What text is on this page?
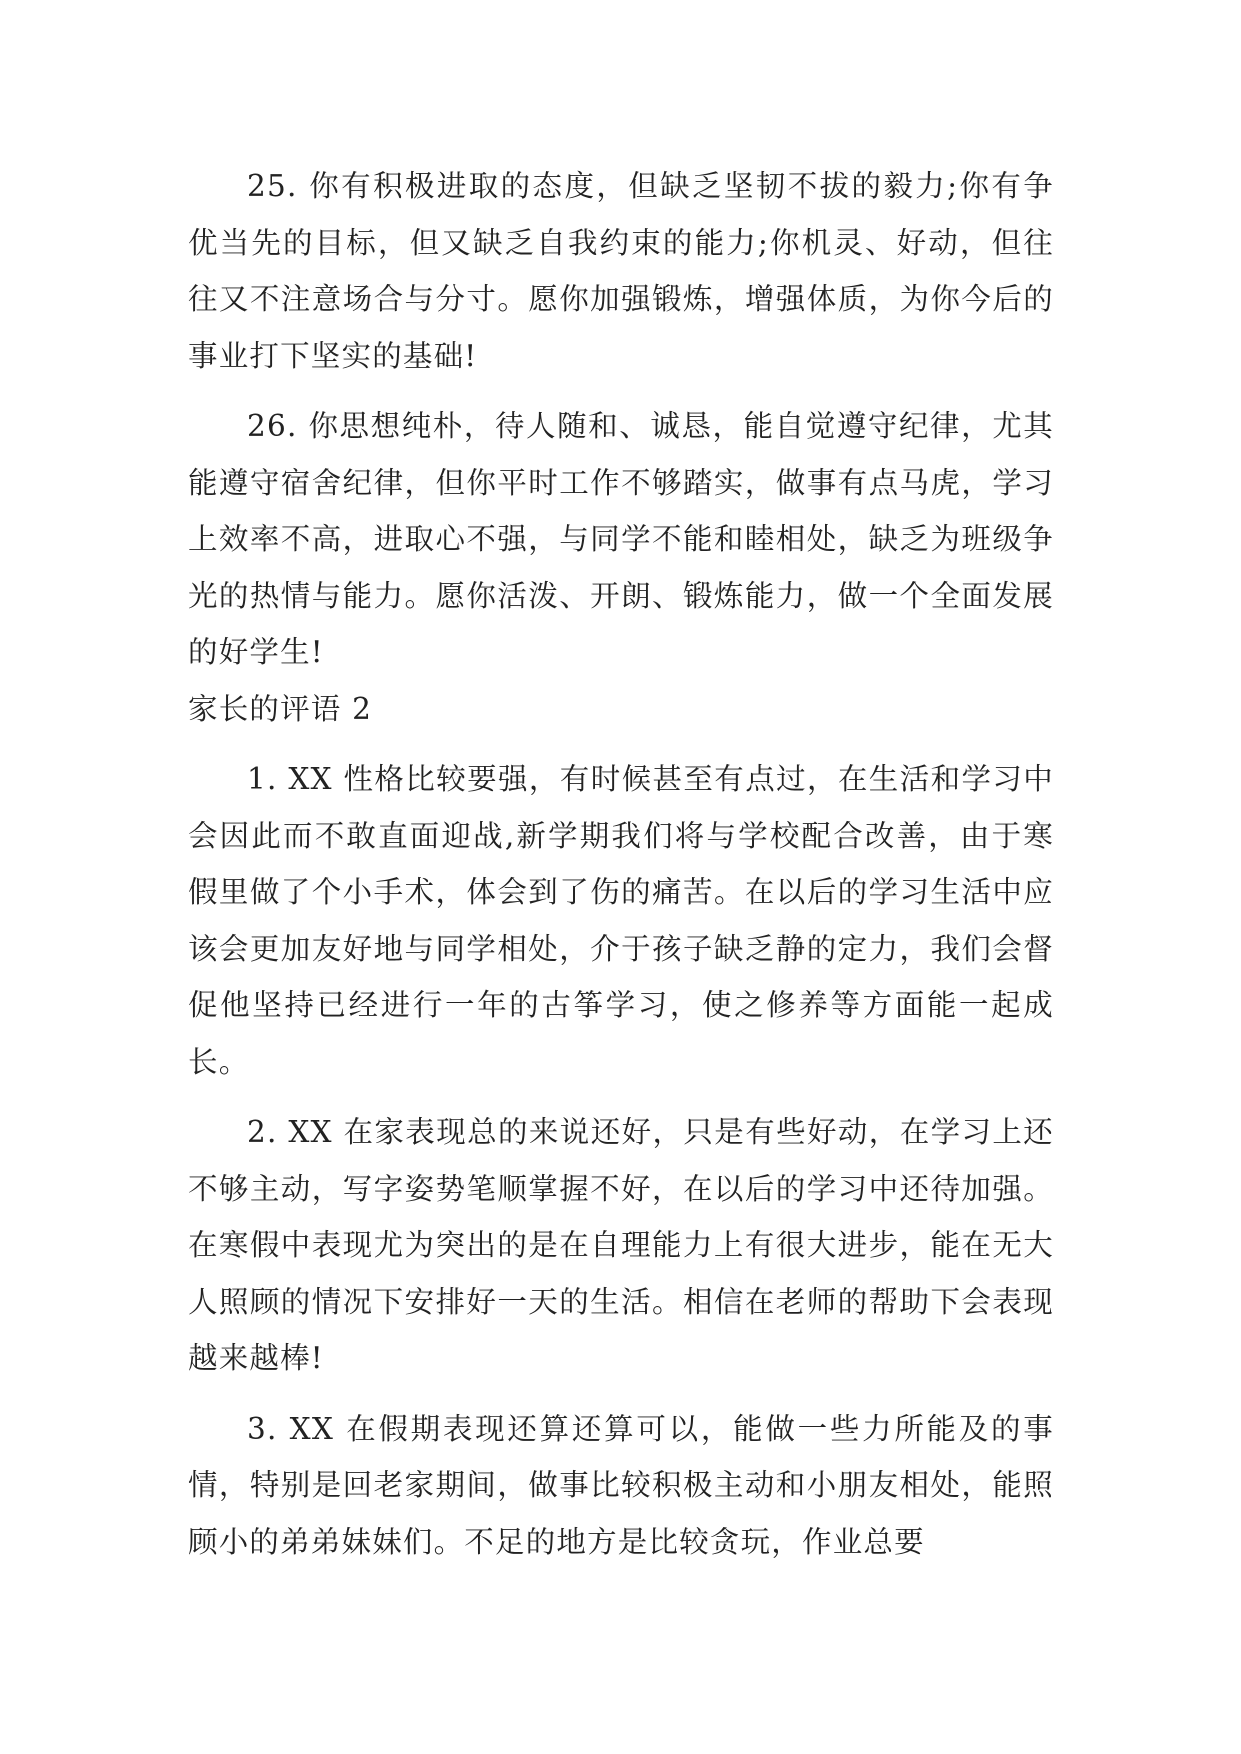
25. 你有积极进取的态度，但缺乏坚韧不拔的毅力;你有争优当先的目标，但又缺乏自我约束的能力;你机灵、好动，但往往又不注意场合与分寸。愿你加强锻炼，增强体质，为你今后的事业打下坚实的基础!

26. 你思想纯朴，待人随和、诚恳，能自觉遵守纪律，尤其能遵守宿舍纪律，但你平时工作不够踏实，做事有点马虎，学习上效率不高，进取心不强，与同学不能和睦相处，缺乏为班级争光的热情与能力。愿你活泼、开朗、锻炼能力，做一个全面发展的好学生!

家长的评语 2

1. XX 性格比较要强，有时候甚至有点过，在生活和学习中会因此而不敢直面迎战,新学期我们将与学校配合改善，由于寒假里做了个小手术，体会到了伤的痛苦。在以后的学习生活中应该会更加友好地与同学相处，介于孩子缺乏静的定力，我们会督促他坚持已经进行一年的古筝学习，使之修养等方面能一起成长。

2. XX 在家表现总的来说还好，只是有些好动，在学习上还不够主动，写字姿势笔顺掌握不好，在以后的学习中还待加强。在寒假中表现尤为突出的是在自理能力上有很大进步，能在无大人照顾的情况下安排好一天的生活。相信在老师的帮助下会表现越来越棒!

3. XX 在假期表现还算还算可以，能做一些力所能及的事情，特别是回老家期间，做事比较积极主动和小朋友相处，能照顾小的弟弟妹妹们。不足的地方是比较贪玩，作业总要
